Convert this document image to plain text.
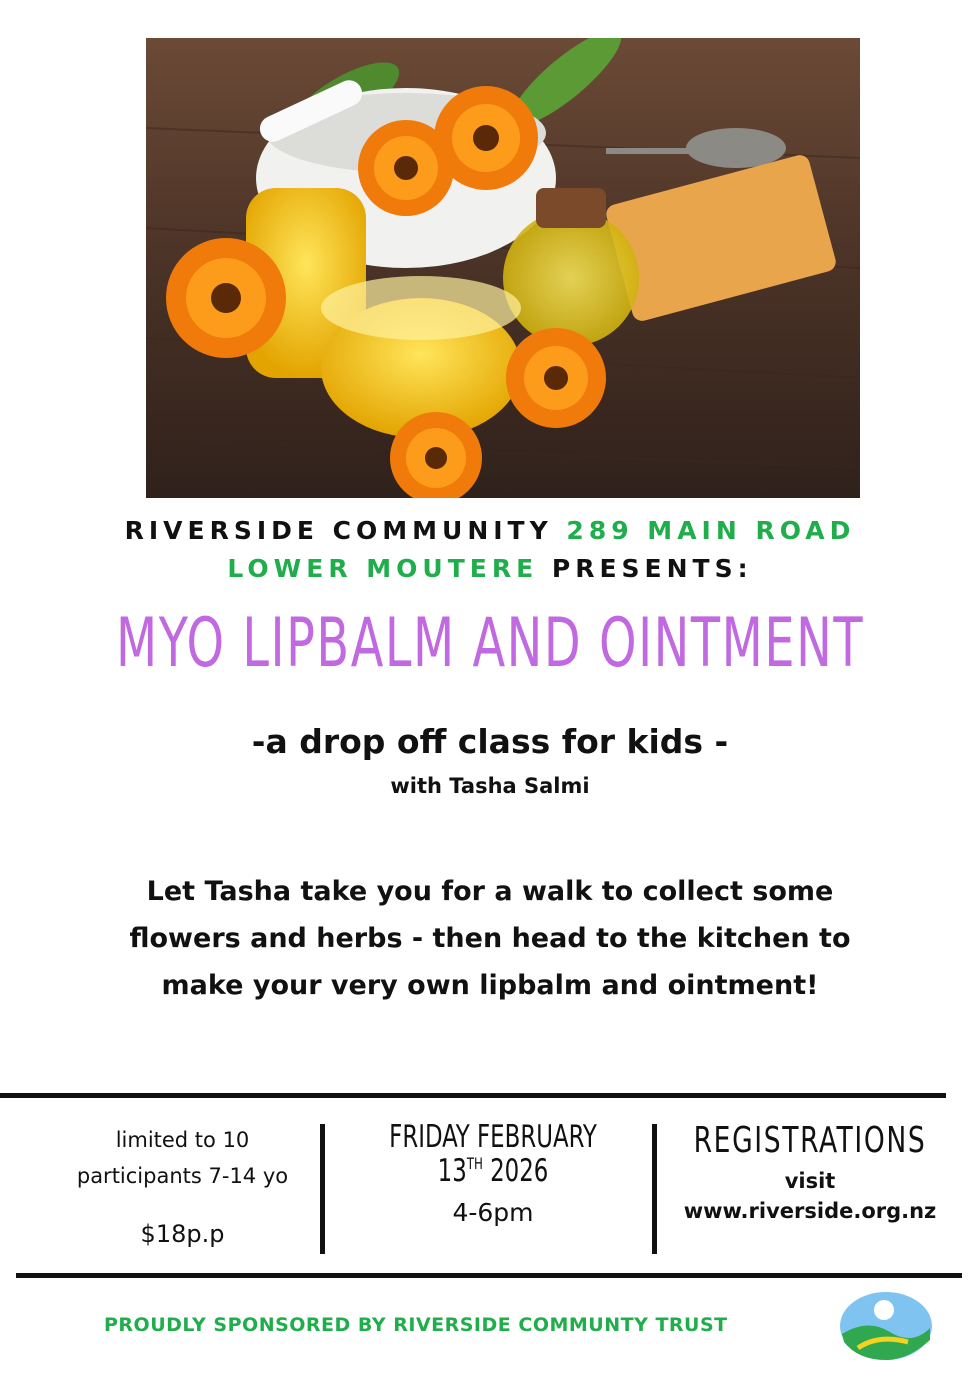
RIVERSIDE COMMUNITY 289 MAIN ROAD
LOWER MOUTERE PRESENTS:
MYO LIPBALM AND OINTMENT
-a drop off class for kids -
with Tasha Salmi
Let Tasha take you for a walk to collect some flowers and herbs - then head to the kitchen to make your very own lipbalm and ointment!
limited to 10
participants 7-14 yo
$18p.p
FRIDAY FEBRUARY
13TH 2026
4-6pm
REGISTRATIONS
visit
www.riverside.org.nz
PROUDLY SPONSORED BY RIVERSIDE COMMUNTY TRUST
